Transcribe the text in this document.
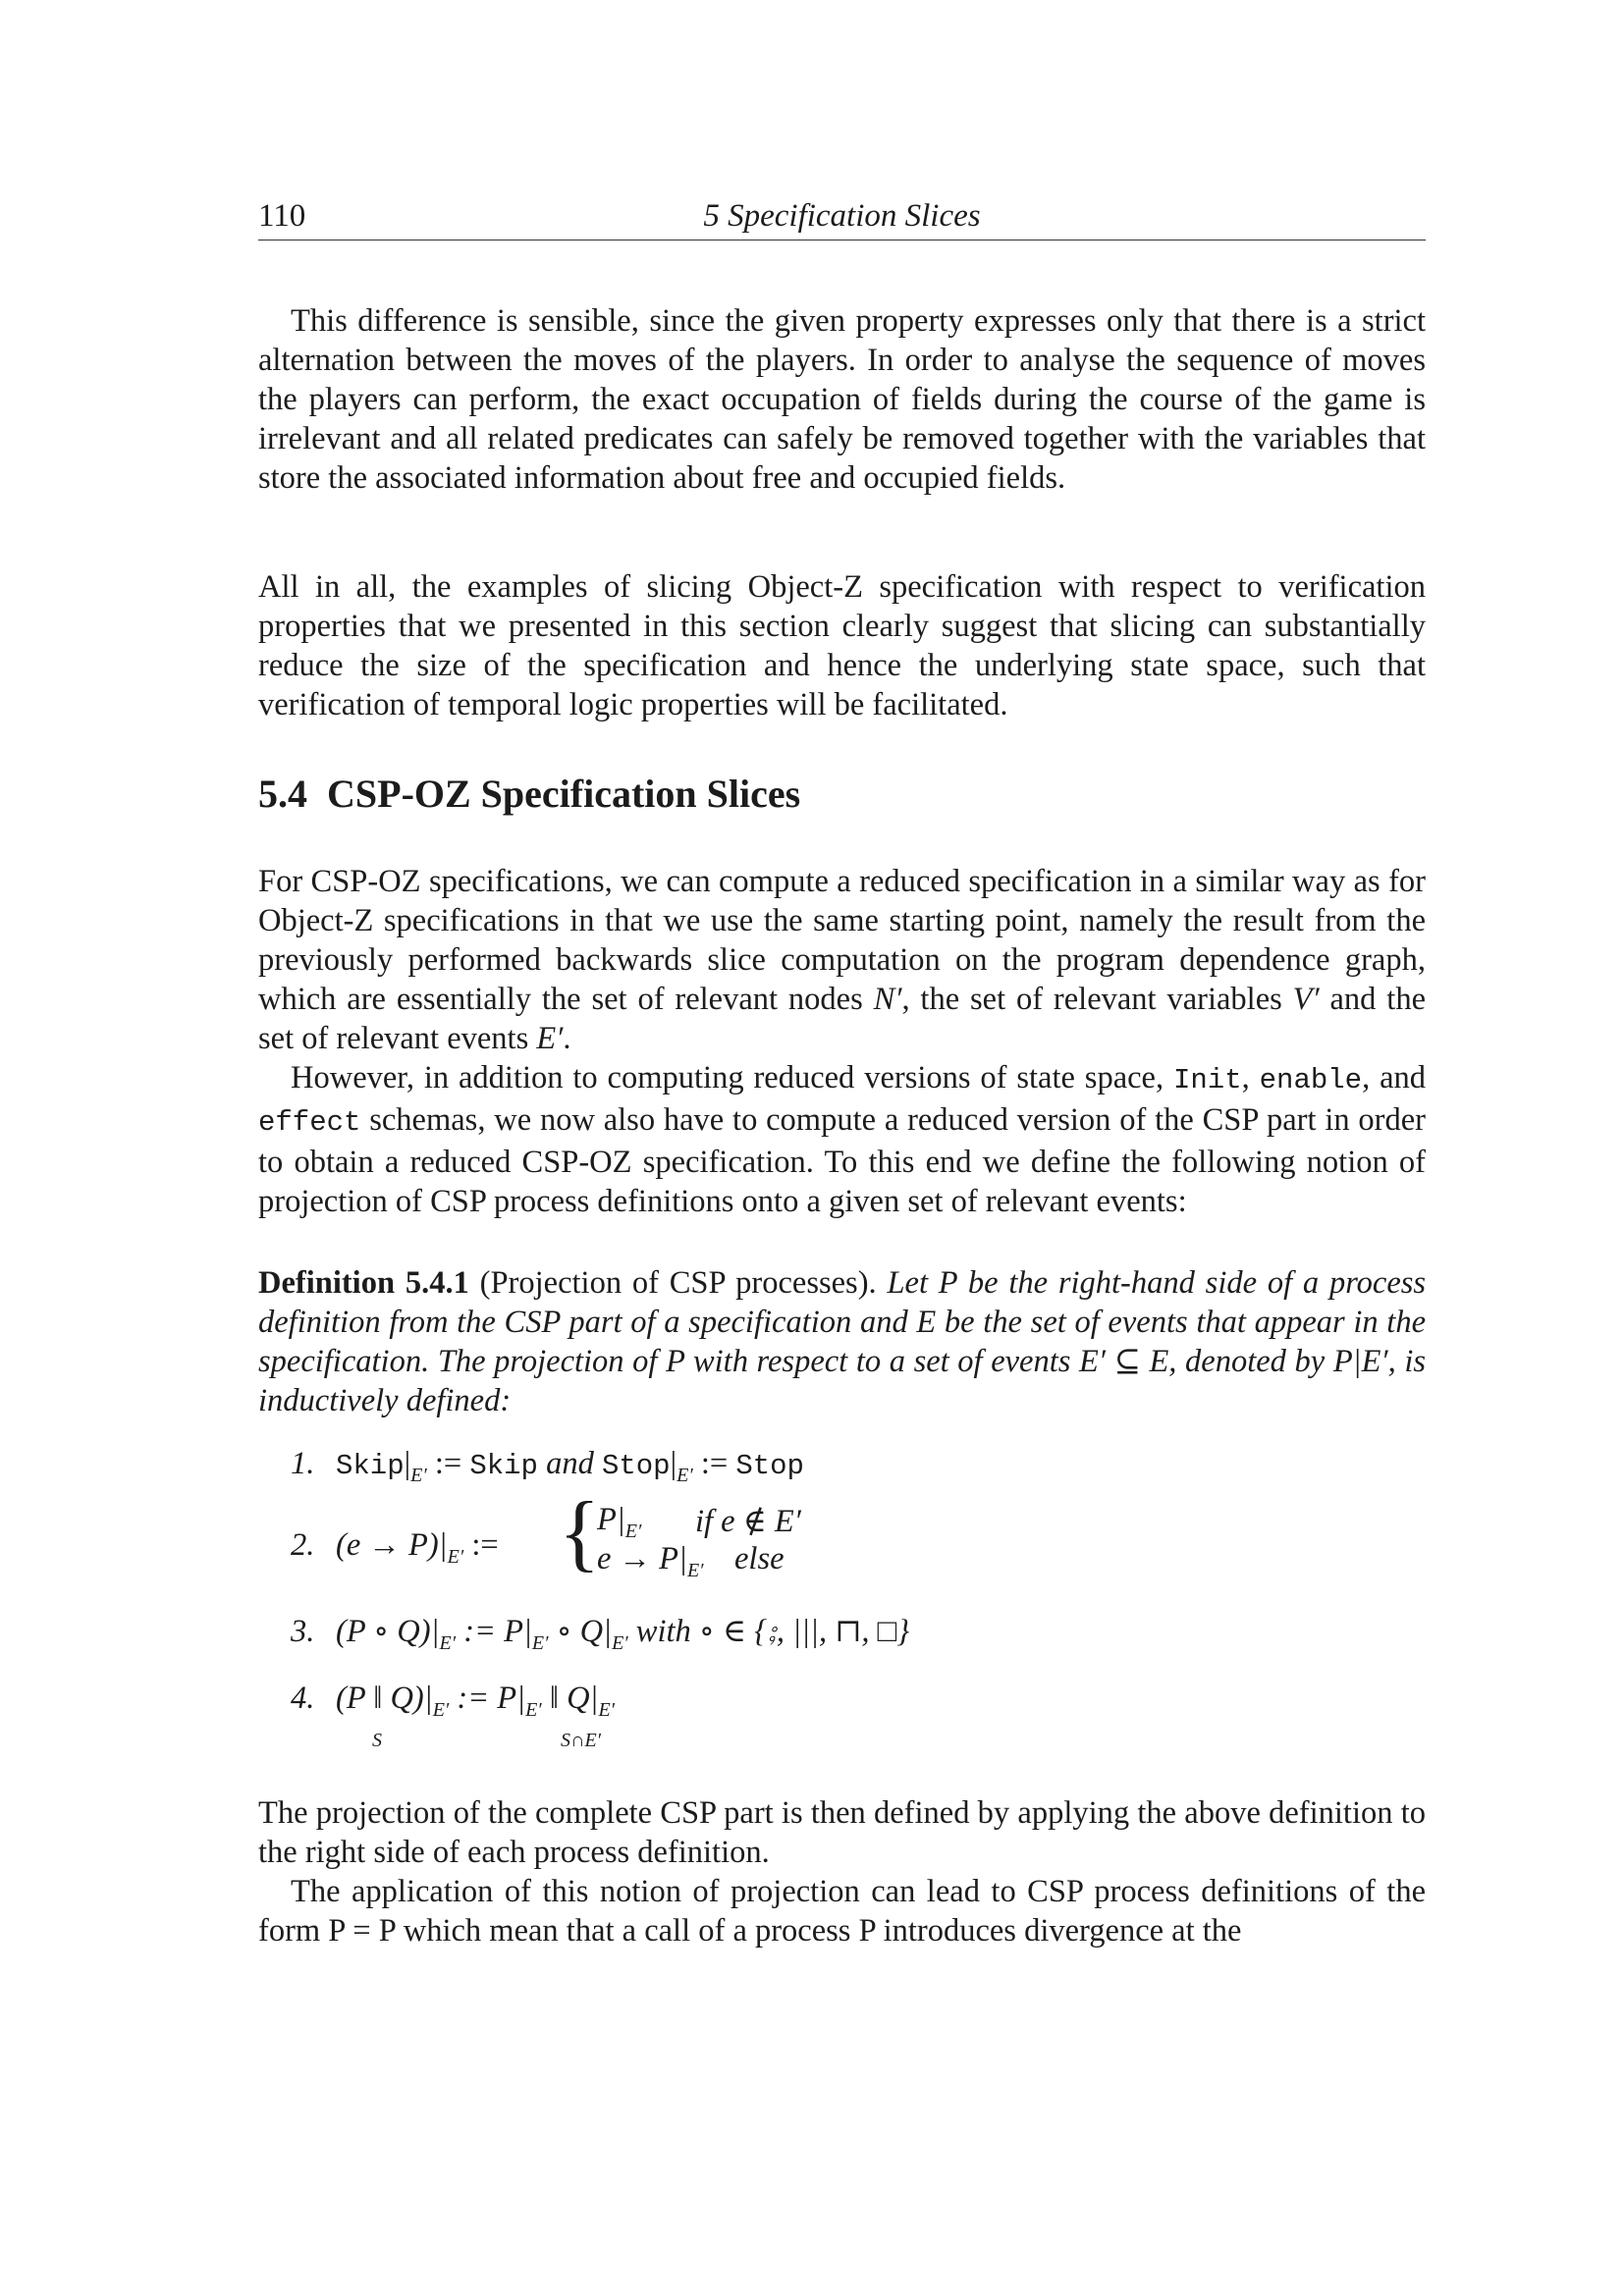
110	5 Specification Slices

This difference is sensible, since the given property expresses only that there is a strict alternation between the moves of the players. In order to analyse the sequence of moves the players can perform, the exact occupation of fields during the course of the game is irrelevant and all related predicates can safely be removed together with the variables that store the associated information about free and occupied fields.

All in all, the examples of slicing Object-Z specification with respect to verification properties that we presented in this section clearly suggest that slicing can substantially reduce the size of the specification and hence the underlying state space, such that verification of temporal logic properties will be facilitated.

5.4 CSP-OZ Specification Slices

For CSP-OZ specifications, we can compute a reduced specification in a similar way as for Object-Z specifications in that we use the same starting point, namely the result from the previously performed backwards slice computation on the program dependence graph, which are essentially the set of relevant nodes N′, the set of relevant variables V′ and the set of relevant events E′.

However, in addition to computing reduced versions of state space, Init, enable, and effect schemas, we now also have to compute a reduced version of the CSP part in order to obtain a reduced CSP-OZ specification. To this end we define the following notion of projection of CSP process definitions onto a given set of relevant events:

Definition 5.4.1 (Projection of CSP processes). Let P be the right-hand side of a process definition from the CSP part of a specification and E be the set of events that appear in the specification. The projection of P with respect to a set of events E′ ⊆ E, denoted by P|E′, is inductively defined:

1. $Skip|_{E'}$ := Skip and $Stop|_{E'}$ := Stop
2. $(e \to P)|_{E'}$ := {
$P|_{E'}$ if e ∉ E′
$e \to P|_{E'}$ else
3. (P ∘ $Q)|_{E'}$ := $P|_{E'}$ ∘ $Q|_{E'}$ with ∘ ∈ {⨟, |||, ⊓, □}
4. (P ‖ $Q)|_{E'}$ := $P|_{E'}$ ‖ $Q|_{E'}$
S	S∩E′

The projection of the complete CSP part is then defined by applying the above definition to the right side of each process definition.

The application of this notion of projection can lead to CSP process definitions of the form P = P which mean that a call of a process P introduces divergence at the
